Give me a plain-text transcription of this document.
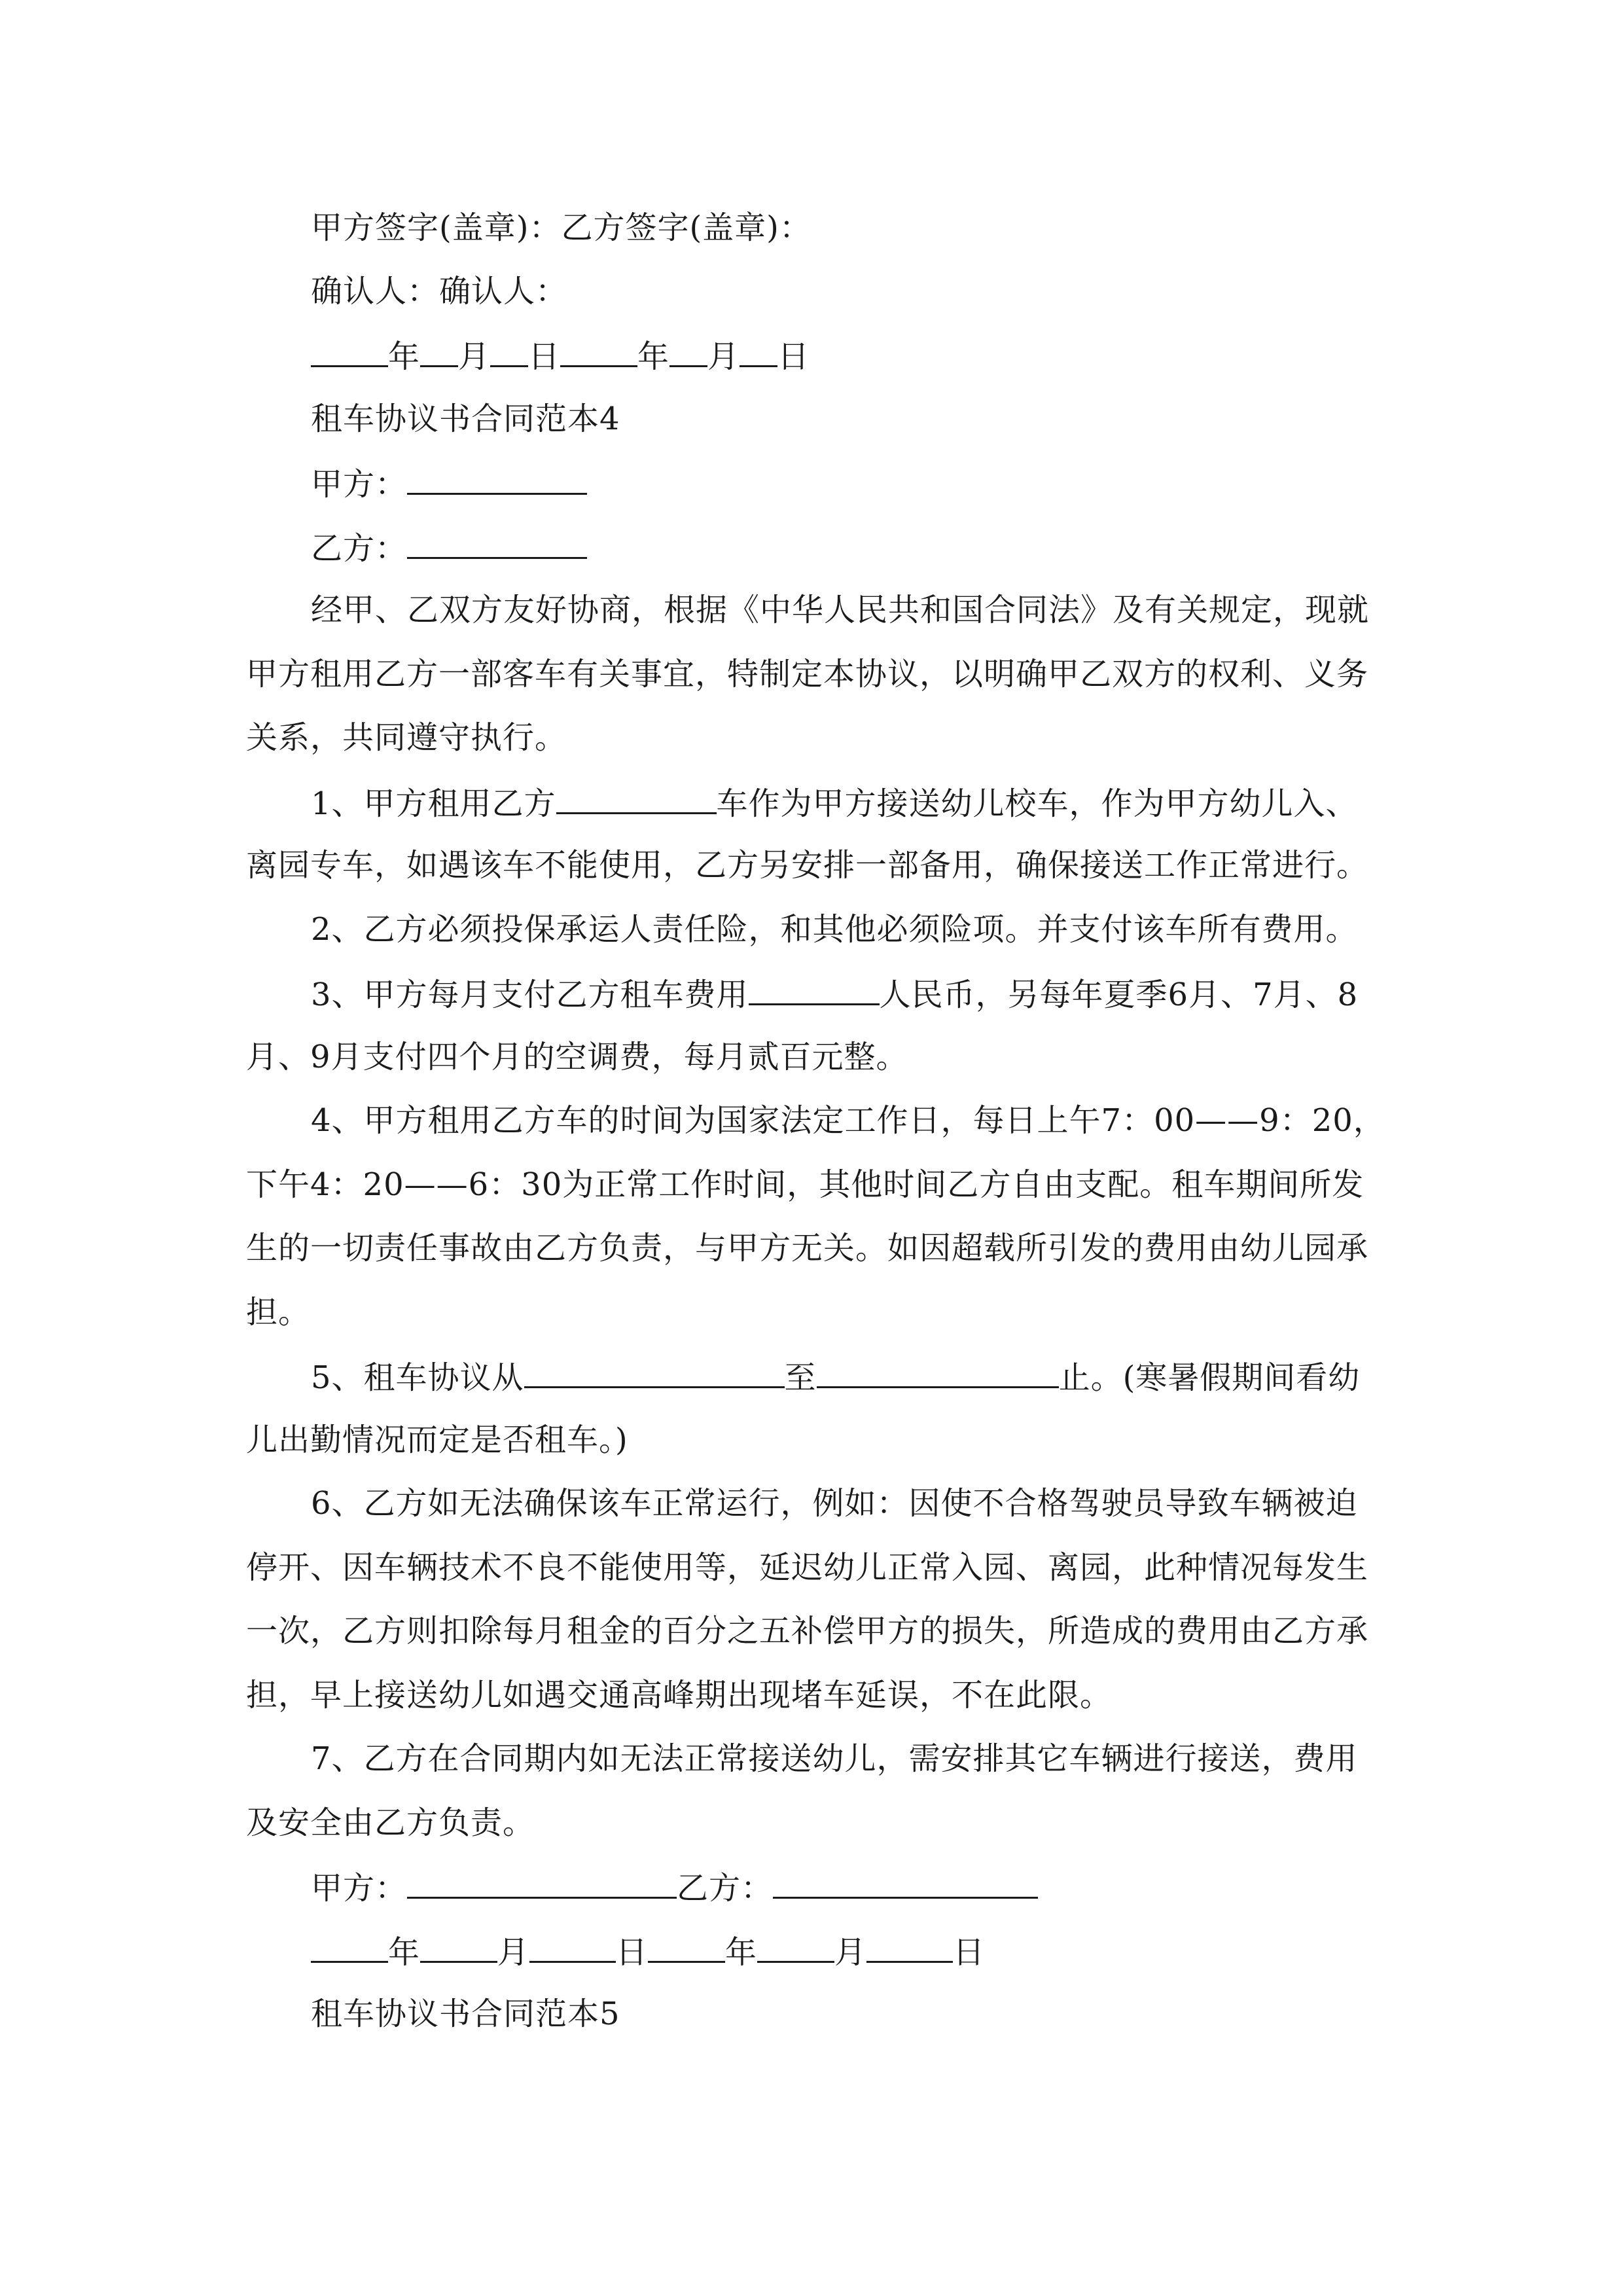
甲方签字(盖章)：乙方签字(盖章)：
确认人：确认人：
年 月 日 年 月 日
租车协议书合同范本4
甲方：
乙方：
经甲、乙双方友好协商，根据《中华人民共和国合同法》及有关规定，现就
甲方租用乙方一部客车有关事宜，特制定本协议，以明确甲乙双方的权利、义务
关系，共同遵守执行。
1、甲方租用乙方	车作为甲方接送幼儿校车，作为甲方幼儿入、
离园专车，如遇该车不能使用，乙方另安排一部备用，确保接送工作正常进行。
2、乙方必须投保承运人责任险，和其他必须险项。并支付该车所有费用。
3、甲方每月支付乙方租车费用	人民币，另每年夏季6月、7月、8
月、9月支付四个月的空调费，每月贰百元整。
4、甲方租用乙方车的时间为国家法定工作日，每日上午7：00——9：20，
下午4：20——6：30为正常工作时间，其他时间乙方自由支配。租车期间所发
生的一切责任事故由乙方负责，与甲方无关。如因超载所引发的费用由幼儿园承
担。
5、租车协议从	至	止。(寒暑假期间看幼
儿出勤情况而定是否租车。)
6、乙方如无法确保该车正常运行，例如：因使不合格驾驶员导致车辆被迫
停开、因车辆技术不良不能使用等，延迟幼儿正常入园、离园，此种情况每发生
一次，乙方则扣除每月租金的百分之五补偿甲方的损失，所造成的费用由乙方承
担，早上接送幼儿如遇交通高峰期出现堵车延误，不在此限。
7、乙方在合同期内如无法正常接送幼儿，需安排其它车辆进行接送，费用
及安全由乙方负责。
甲方：	乙方：
年 月	日 年 月	日
租车协议书合同范本5
